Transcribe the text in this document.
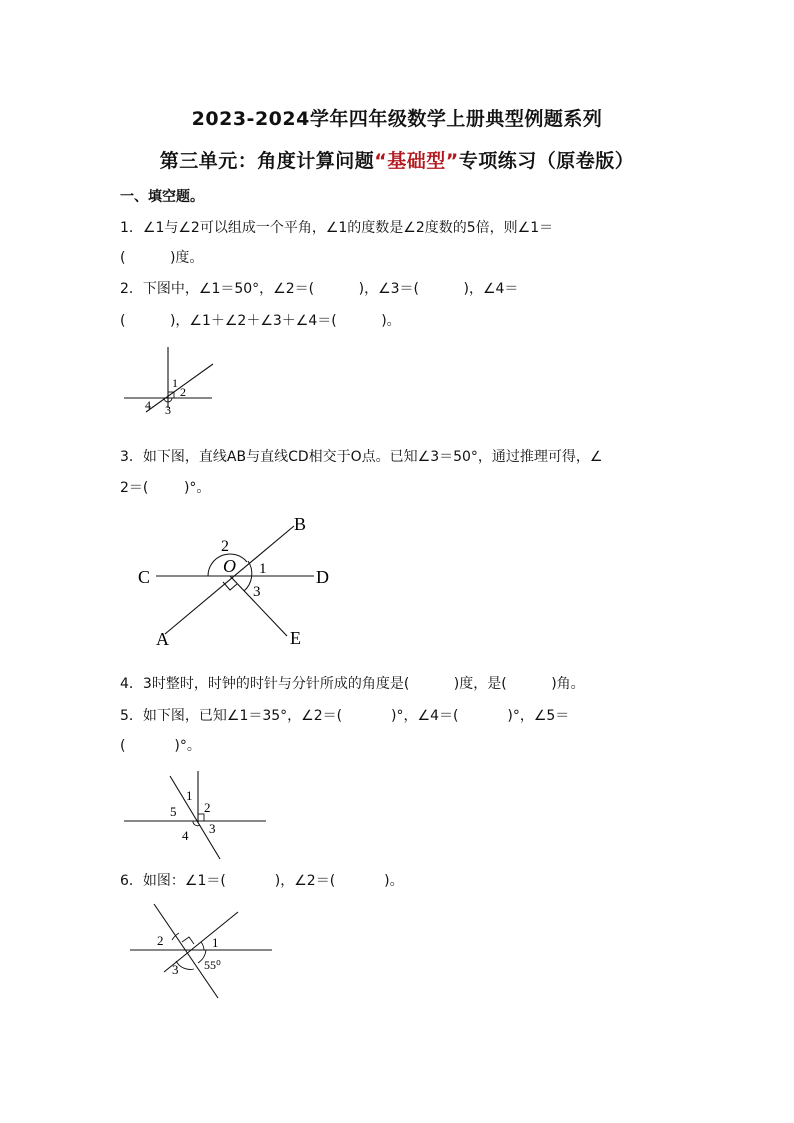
2023-2024学年四年级数学上册典型例题系列
第三单元：角度计算问题“基础型”专项练习（原卷版）
一、填空题。
1．∠1与∠2可以组成一个平角，∠1的度数是∠2度数的5倍，则∠1＝
(          )度。
2．下图中，∠1＝50°，∠2＝(          )，∠3＝(          )，∠4＝
(          )，∠1＋∠2＋∠3＋∠4＝(          )。
1
2
3
4
3．如下图，直线AB与直线CD相交于O点。已知∠3＝50°，通过推理可得，∠
2＝(        )°。
B
2
C
O 1	D
3
A	E
4．3时整时，时钟的时针与分针所成的角度是(          )度，是(          )角。
5．如下图，已知∠1＝35°，∠2＝(           )°，∠4＝(           )°，∠5＝
(           )°。
1
5 2
4 3
6．如图：∠1＝(           )，∠2＝(           )。
2	1
3 55⁰
